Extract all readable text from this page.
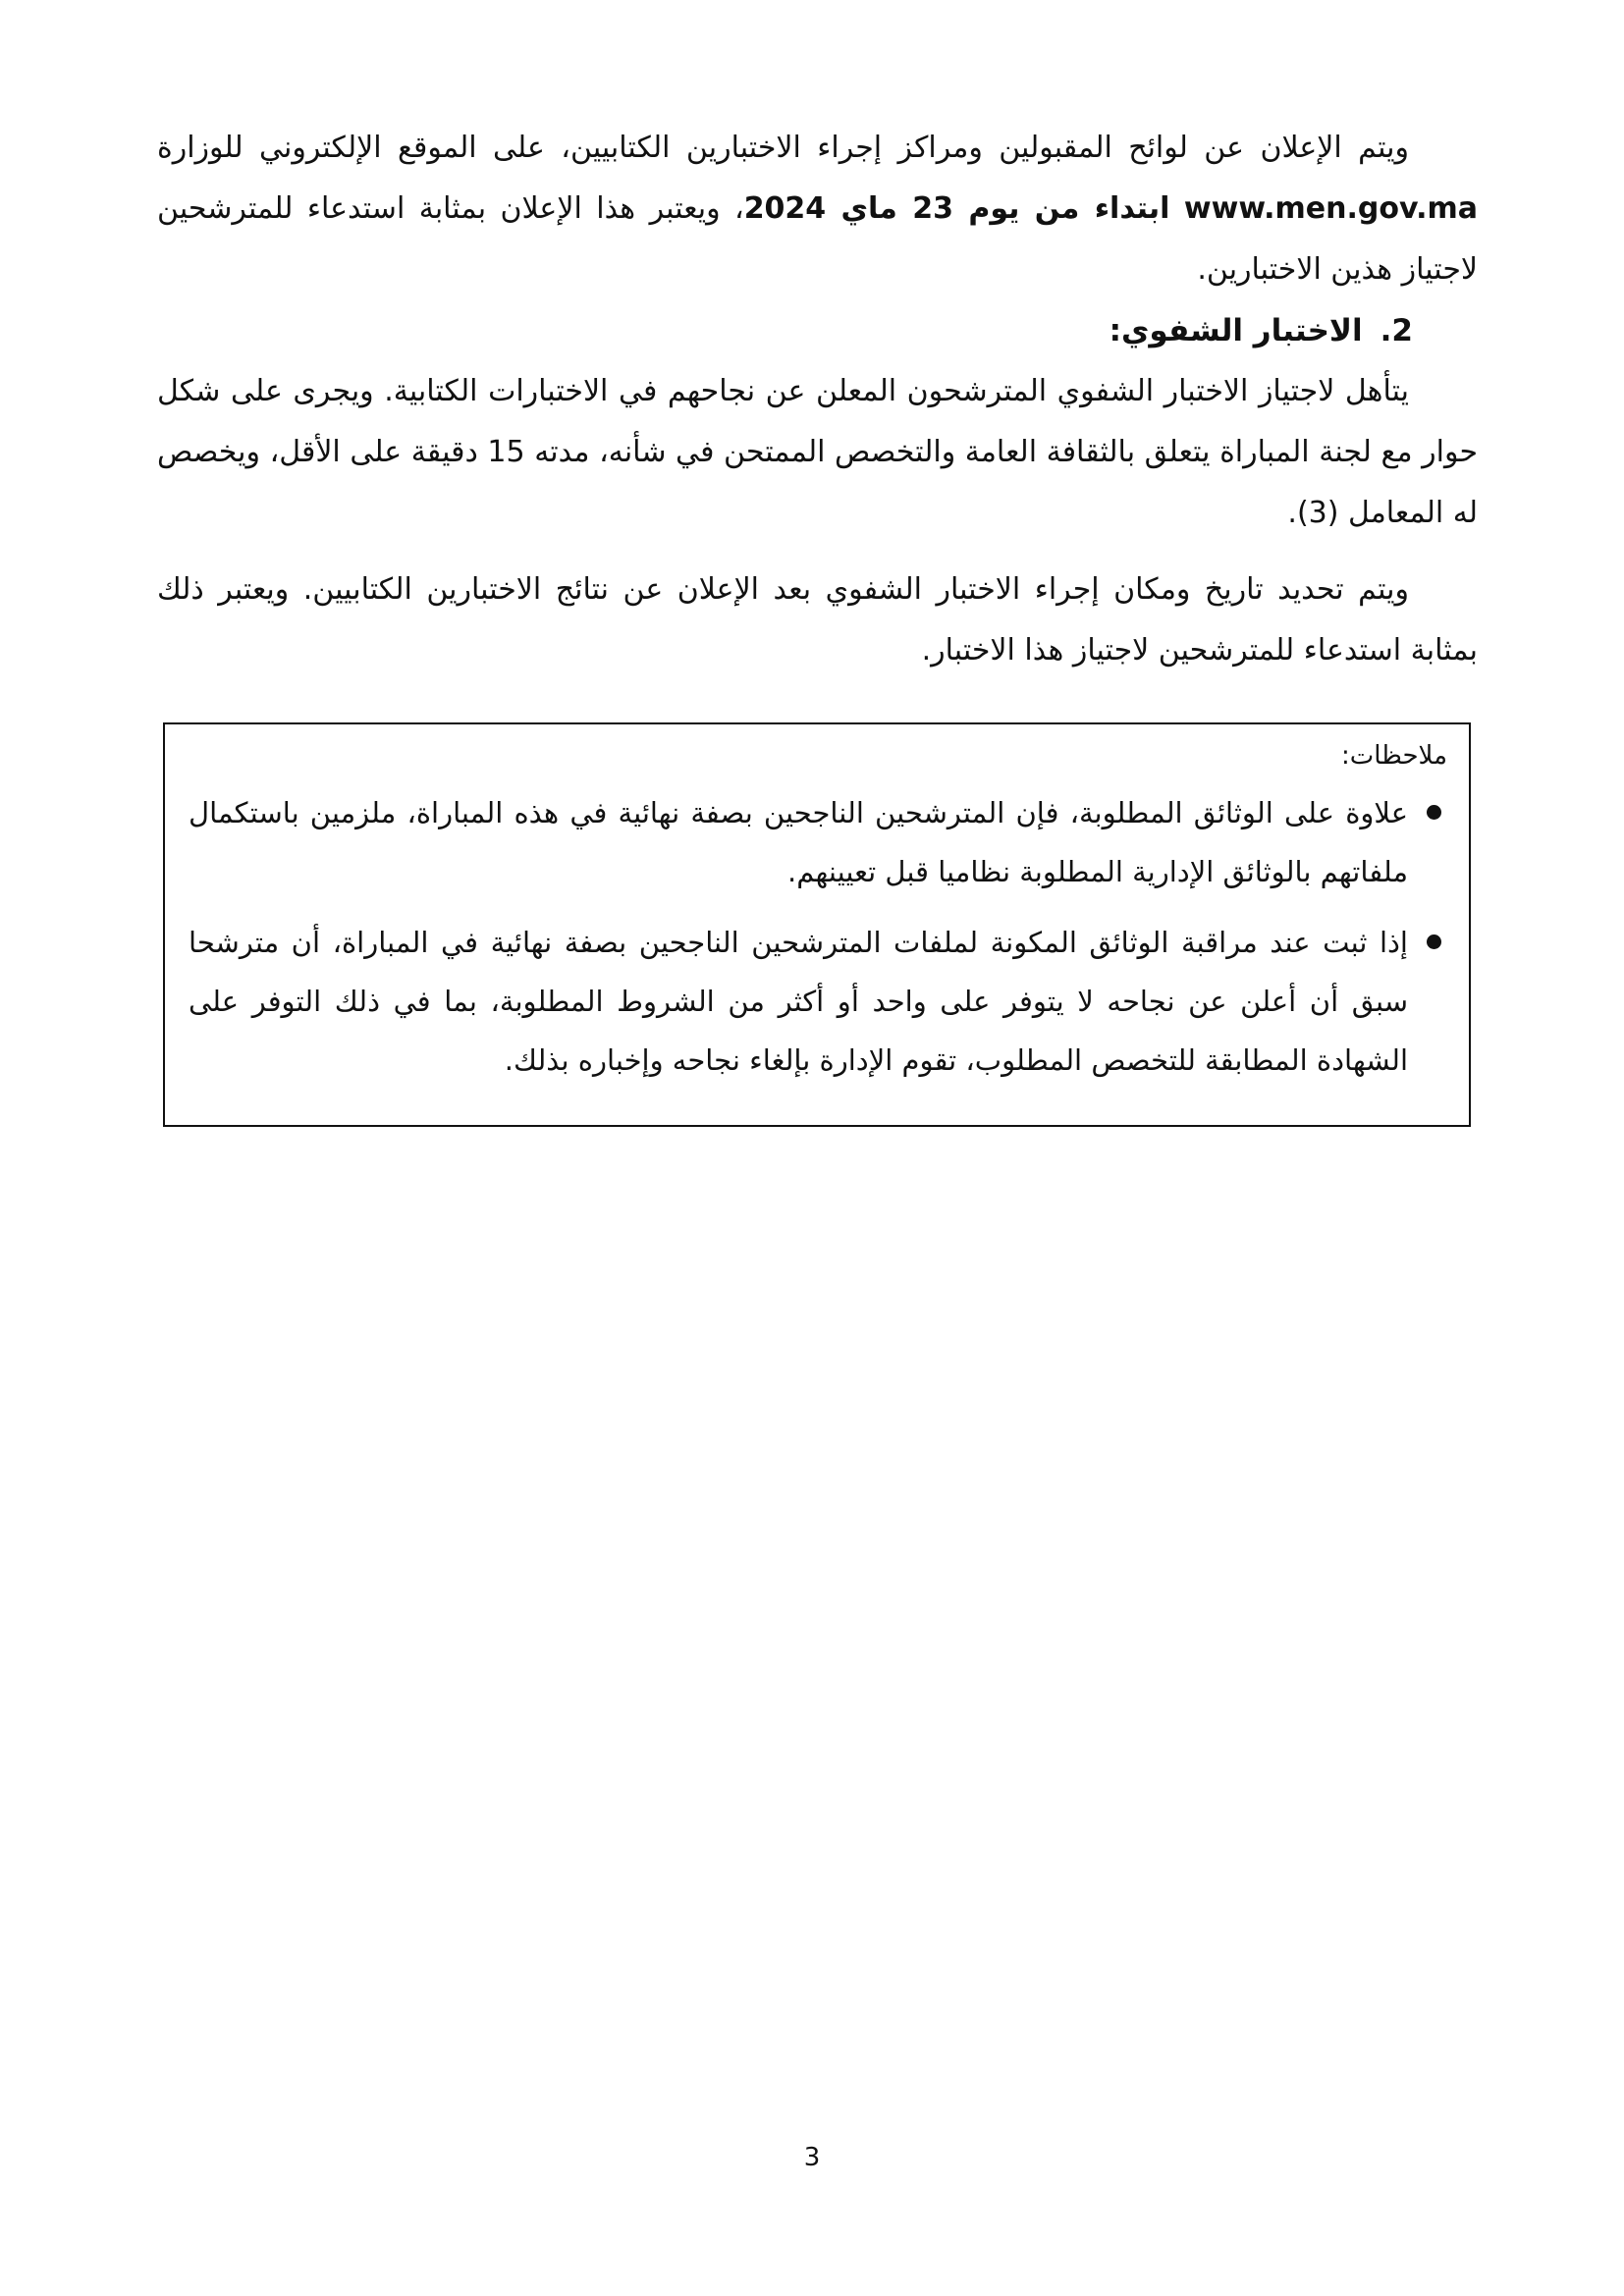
ويتم الإعلان عن لوائح المقبولين ومراكز إجراء الاختبارين الكتابيين، على الموقع الإلكتروني للوزارة www.men.gov.ma ابتداء من يوم 23 ماي 2024، ويعتبر هذا الإعلان بمثابة استدعاء للمترشحين لاجتياز هذين الاختبارين.
2.الاختبار الشفوي:
يتأهل لاجتياز الاختبار الشفوي المترشحون المعلن عن نجاحهم في الاختبارات الكتابية. ويجرى على شكل حوار مع لجنة المباراة يتعلق بالثقافة العامة والتخصص الممتحن في شأنه، مدته 15 دقيقة على الأقل، ويخصص له المعامل (3).
ويتم تحديد تاريخ ومكان إجراء الاختبار الشفوي بعد الإعلان عن نتائج الاختبارين الكتابيين. ويعتبر ذلك بمثابة استدعاء للمترشحين لاجتياز هذا الاختبار.
ملاحظات:
علاوة على الوثائق المطلوبة، فإن المترشحين الناجحين بصفة نهائية في هذه المباراة، ملزمين باستكمال ملفاتهم بالوثائق الإدارية المطلوبة نظاميا قبل تعيينهم.
إذا ثبت عند مراقبة الوثائق المكونة لملفات المترشحين الناجحين بصفة نهائية في المباراة، أن مترشحا سبق أن أعلن عن نجاحه لا يتوفر على واحد أو أكثر من الشروط المطلوبة، بما في ذلك التوفر على الشهادة المطابقة للتخصص المطلوب، تقوم الإدارة بإلغاء نجاحه وإخباره بذلك.
3
